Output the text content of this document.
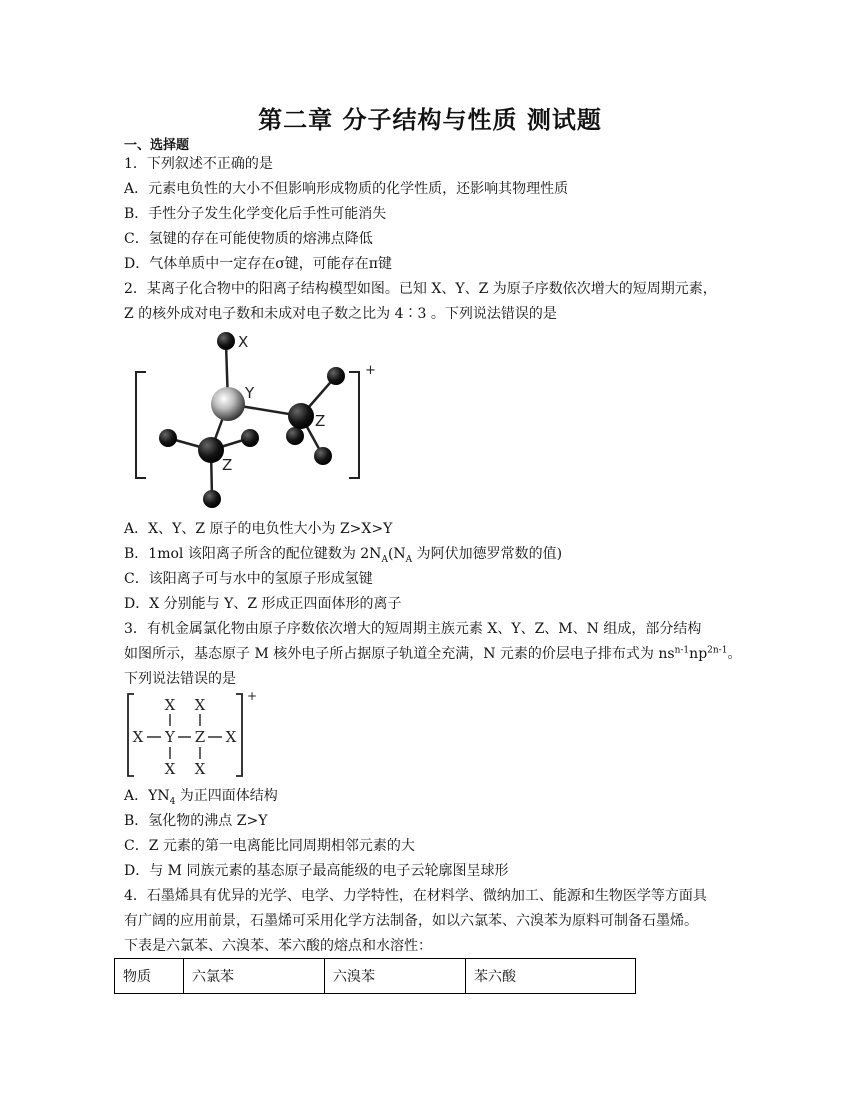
第二章 分子结构与性质 测试题
一、选择题
1．下列叙述不正确的是
A．元素电负性的大小不但影响形成物质的化学性质，还影响其物理性质
B．手性分子发生化学变化后手性可能消失
C．氢键的存在可能使物质的熔沸点降低
D．气体单质中一定存在σ键，可能存在π键
2．某离子化合物中的阳离子结构模型如图。已知 X、Y、Z 为原子序数依次增大的短周期元素，
Z 的核外成对电子数和未成对电子数之比为 4∶3 。下列说法错误的是
X
Y
Z
Z
+
A．X、Y、Z 原子的电负性大小为 Z>X>Y
B．1mol 该阳离子所含的配位键数为 $2N_A(N_A$ 为阿伏加德罗常数的值)
C．该阳离子可与水中的氢原子形成氢键
D．X 分别能与 Y、Z 形成正四面体形的离子
3．有机金属氯化物由原子序数依次增大的短周期主族元素 X、Y、Z、M、N 组成，部分结构
如图所示，基态原子 M 核外电子所占据原子轨道全充满，N 元素的价层电子排布式为 $ns^{n-1}np^{2n-1}$。
下列说法错误的是
X X
X Y Z X
X X
+
A．$YN_4$ 为正四面体结构
B．氢化物的沸点 Z>Y
C．Z 元素的第一电离能比同周期相邻元素的大
D．与 M 同族元素的基态原子最高能级的电子云轮廓图呈球形
4．石墨烯具有优异的光学、电学、力学特性，在材料学、微纳加工、能源和生物医学等方面具
有广阔的应用前景，石墨烯可采用化学方法制备，如以六氯苯、六溴苯为原料可制备石墨烯。
下表是六氯苯、六溴苯、苯六酸的熔点和水溶性：
物质	六氯苯	六溴苯	苯六酸
